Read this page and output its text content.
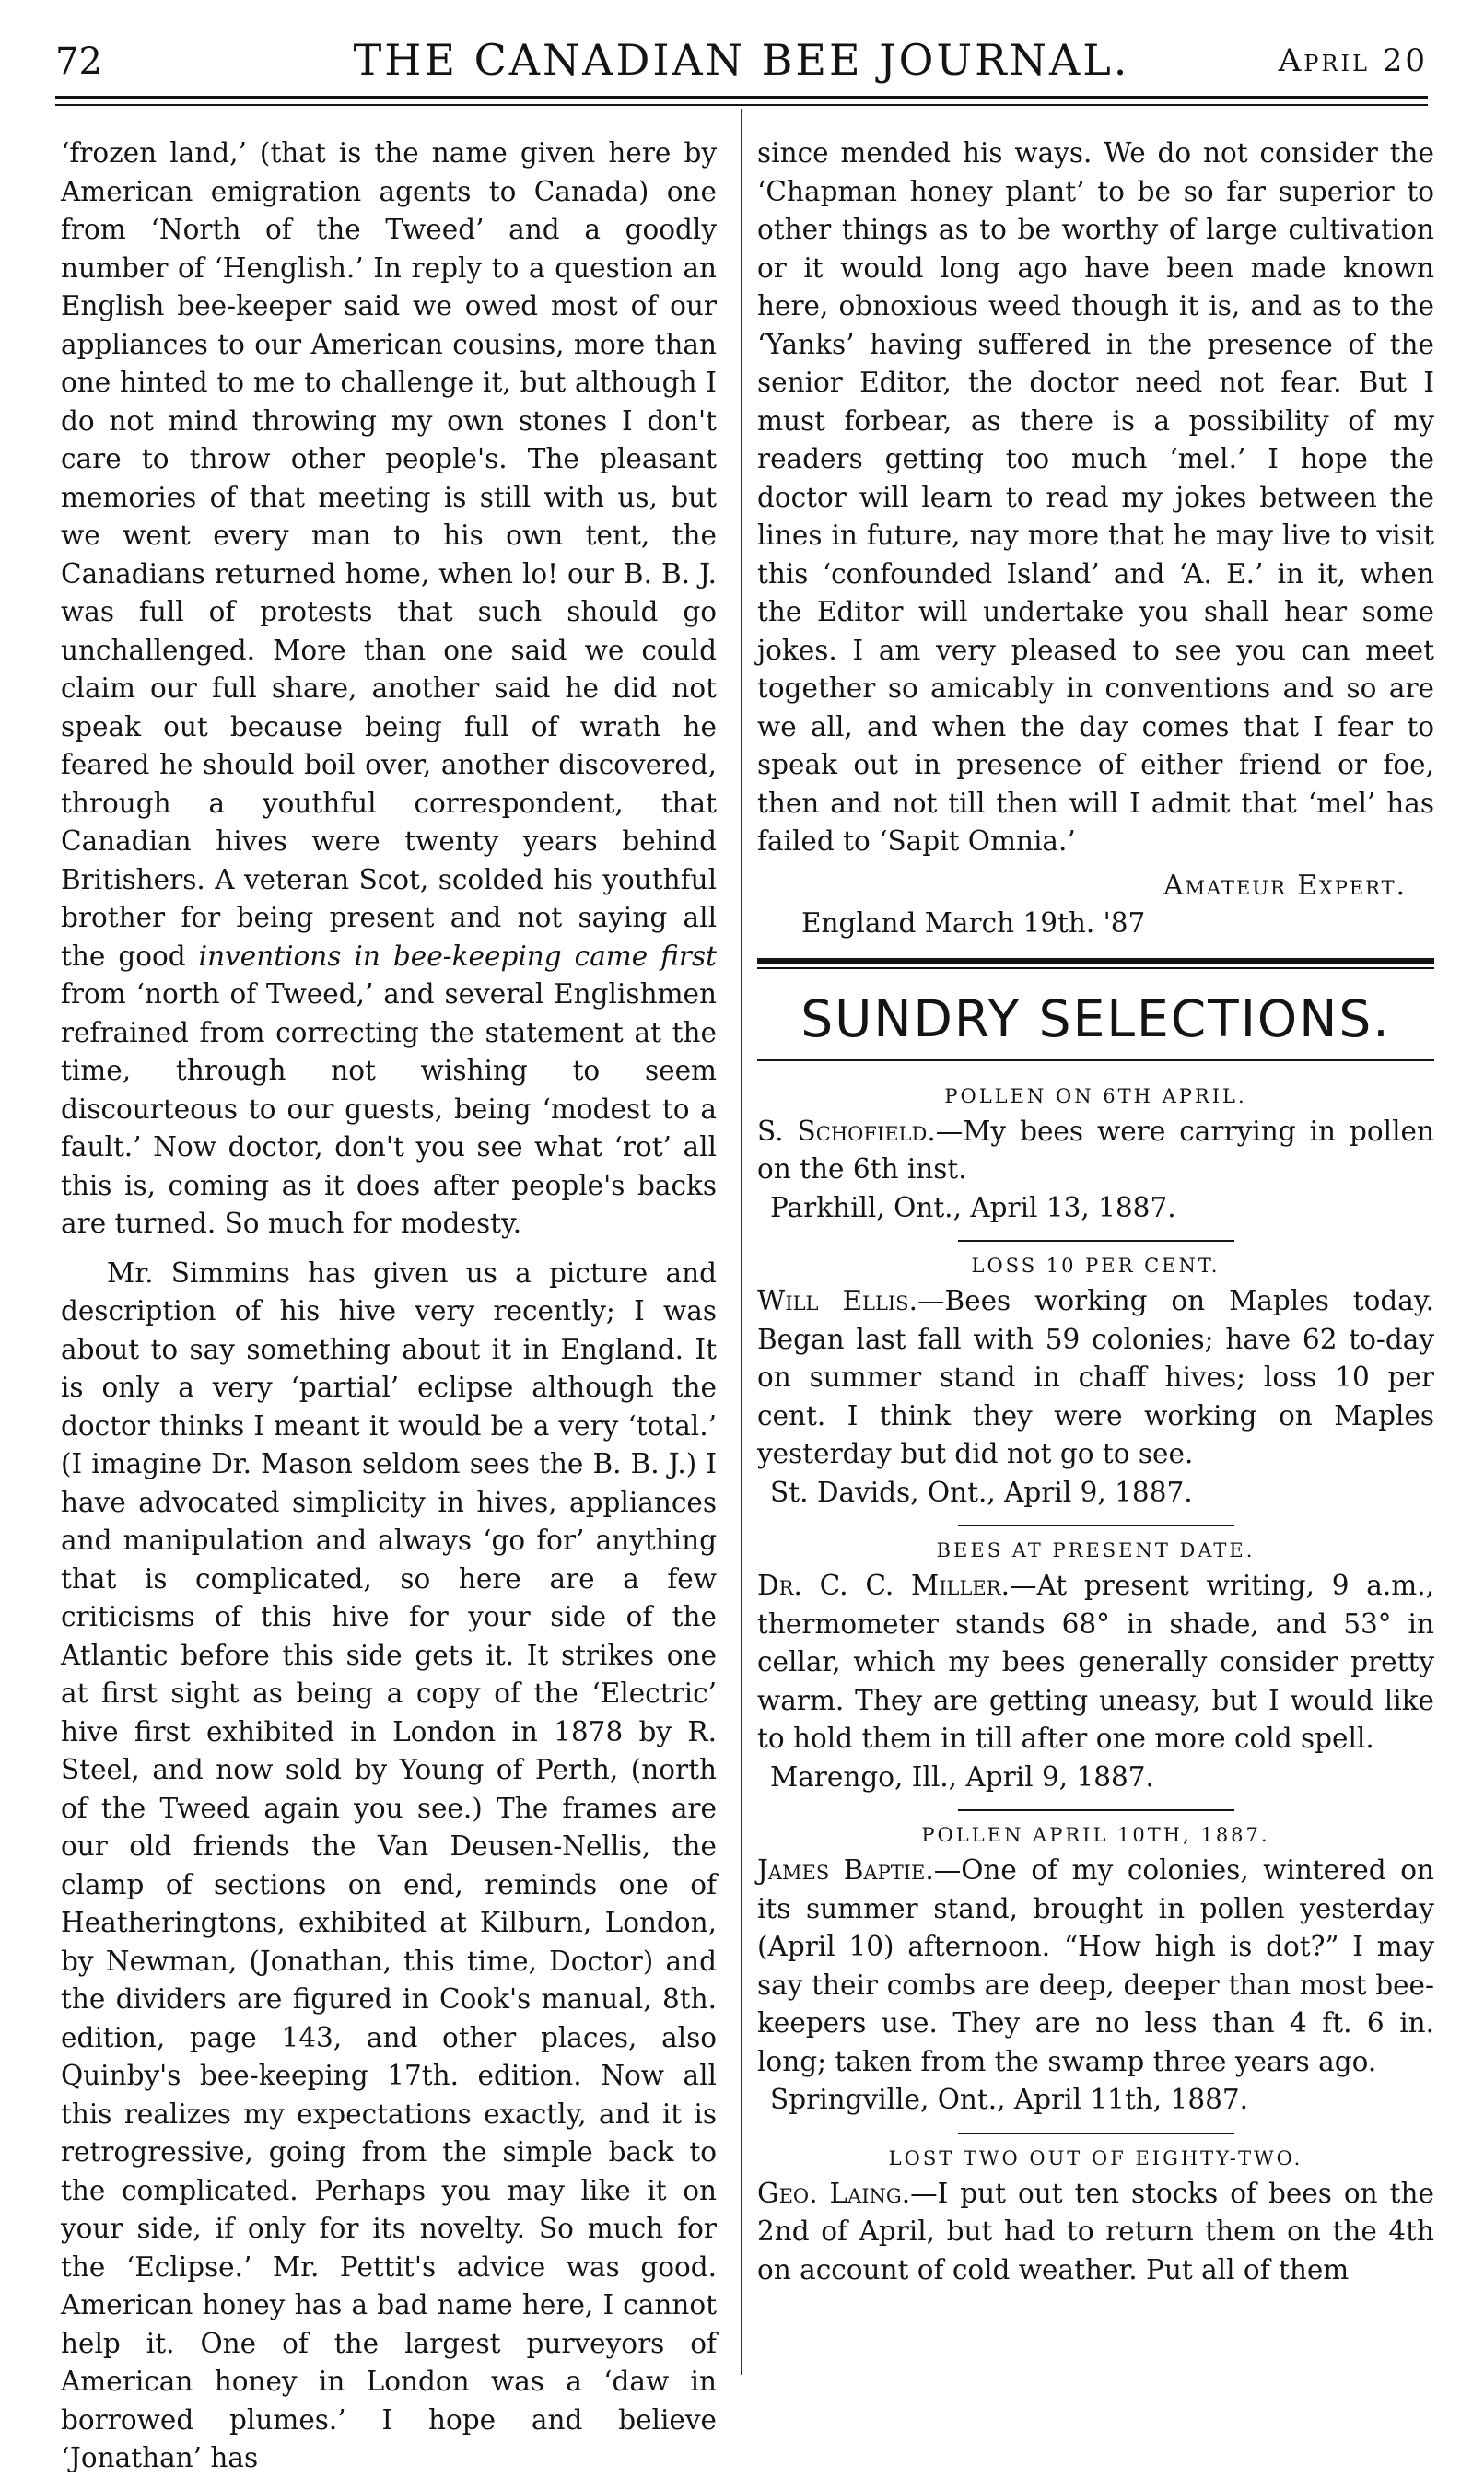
72	THE CANADIAN BEE JOURNAL.	April 20

‘frozen land,’ (that is the name given here by American emigration agents to Canada) one from ‘North of the Tweed’ and a goodly number of ‘Henglish.’ In reply to a question an English bee-keeper said we owed most of our appliances to our American cousins, more than one hinted to me to challenge it, but although I do not mind throwing my own stones I don't care to throw other people's. The pleasant memories of that meeting is still with us, but we went every man to his own tent, the Canadians returned home, when lo! our B. B. J. was full of protests that such should go unchallenged. More than one said we could claim our full share, another said he did not speak out because being full of wrath he feared he should boil over, another discovered, through a youthful correspondent, that Canadian hives were twenty years behind Britishers. A veteran Scot, scolded his youthful brother for being present and not saying all the good inventions in bee-keeping came first from ‘north of Tweed,’ and several Englishmen refrained from correcting the statement at the time, through not wishing to seem discourteous to our guests, being ‘modest to a fault.’ Now doctor, don't you see what ‘rot’ all this is, coming as it does after people's backs are turned. So much for modesty.

Mr. Simmins has given us a picture and description of his hive very recently; I was about to say something about it in England. It is only a very ‘partial’ eclipse although the doctor thinks I meant it would be a very ‘total.’ (I imagine Dr. Mason seldom sees the B. B. J.) I have advocated simplicity in hives, appliances and manipulation and always ‘go for’ anything that is complicated, so here are a few criticisms of this hive for your side of the Atlantic before this side gets it. It strikes one at first sight as being a copy of the ‘Electric’ hive first exhibited in London in 1878 by R. Steel, and now sold by Young of Perth, (north of the Tweed again you see.) The frames are our old friends the Van Deusen-Nellis, the clamp of sections on end, reminds one of Heatheringtons, exhibited at Kilburn, London, by Newman, (Jonathan, this time, Doctor) and the dividers are figured in Cook's manual, 8th. edition, page 143, and other places, also Quinby's bee-keeping 17th. edition. Now all this realizes my expectations exactly, and it is retrogressive, going from the simple back to the complicated. Perhaps you may like it on your side, if only for its novelty. So much for the ‘Eclipse.’ Mr. Pettit's advice was good. American honey has a bad name here, I cannot help it. One of the largest purveyors of American honey in London was a ‘daw in borrowed plumes.’ I hope and believe ‘Jonathan’ has

since mended his ways. We do not consider the ‘Chapman honey plant’ to be so far superior to other things as to be worthy of large cultivation or it would long ago have been made known here, obnoxious weed though it is, and as to the ‘Yanks’ having suffered in the presence of the senior Editor, the doctor need not fear. But I must forbear, as there is a possibility of my readers getting too much ‘mel.’ I hope the doctor will learn to read my jokes between the lines in future, nay more that he may live to visit this ‘confounded Island’ and ‘A. E.’ in it, when the Editor will undertake you shall hear some jokes. I am very pleased to see you can meet together so amicably in conventions and so are we all, and when the day comes that I fear to speak out in presence of either friend or foe, then and not till then will I admit that ‘mel’ has failed to ‘Sapit Omnia.’

Amateur Expert.
England March 19th. '87
SUNDRY SELECTIONS.
POLLEN ON 6TH APRIL.

S. Schofield.—My bees were carrying in pollen on the 6th inst.

Parkhill, Ont., April 13, 1887.
LOSS 10 PER CENT.

Will Ellis.—Bees working on Maples today. Began last fall with 59 colonies; have 62 to-day on summer stand in chaff hives; loss 10 per cent. I think they were working on Maples yesterday but did not go to see.

St. Davids, Ont., April 9, 1887.
BEES AT PRESENT DATE.

Dr. C. C. Miller.—At present writing, 9 a.m., thermometer stands 68° in shade, and 53° in cellar, which my bees generally consider pretty warm. They are getting uneasy, but I would like to hold them in till after one more cold spell.

Marengo, Ill., April 9, 1887.
POLLEN APRIL 10TH, 1887.

James Baptie.—One of my colonies, wintered on its summer stand, brought in pollen yesterday (April 10) afternoon. “How high is dot?” I may say their combs are deep, deeper than most bee-keepers use. They are no less than 4 ft. 6 in. long; taken from the swamp three years ago.

Springville, Ont., April 11th, 1887.
LOST TWO OUT OF EIGHTY-TWO.

Geo. Laing.—I put out ten stocks of bees on the 2nd of April, but had to return them on the 4th on account of cold weather. Put all of them
